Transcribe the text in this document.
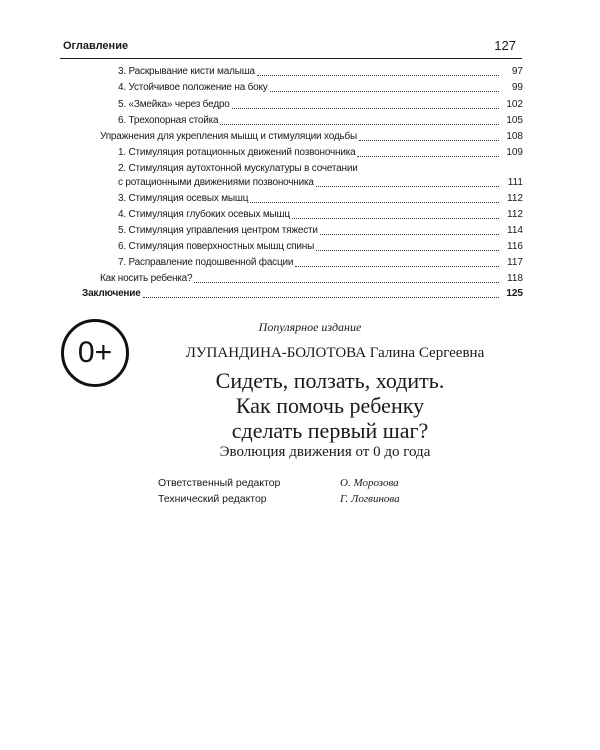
Оглавление	127
3. Раскрывание кисти малыша	97
4. Устойчивое положение на боку	99
5. «Змейка» через бедро	102
6. Трехопорная стойка	105
Упражнения для укрепления мышц и стимуляции ходьбы	108
1. Стимуляция ротационных движений позвоночника	109
2. Стимуляция аутохтонной мускулатуры в сочетании
с ротационными движениями позвоночника	111
3. Стимуляция осевых мышц	112
4. Стимуляция глубоких осевых мышц	112
5. Стимуляция управления центром тяжести	114
6. Стимуляция поверхностных мышц спины	116
7. Расправление подошвенной фасции	117
Как носить ребенка?	118
Заключение	125
0+
Популярное издание
ЛУПАНДИНА-БОЛОТОВА Галина Сергеевна
Сидеть, ползать, ходить.
Как помочь ребенку
сделать первый шаг?
Эволюция движения от 0 до года
Ответственный редактор	О. Морозова
Технический редактор	Г. Логвинова
